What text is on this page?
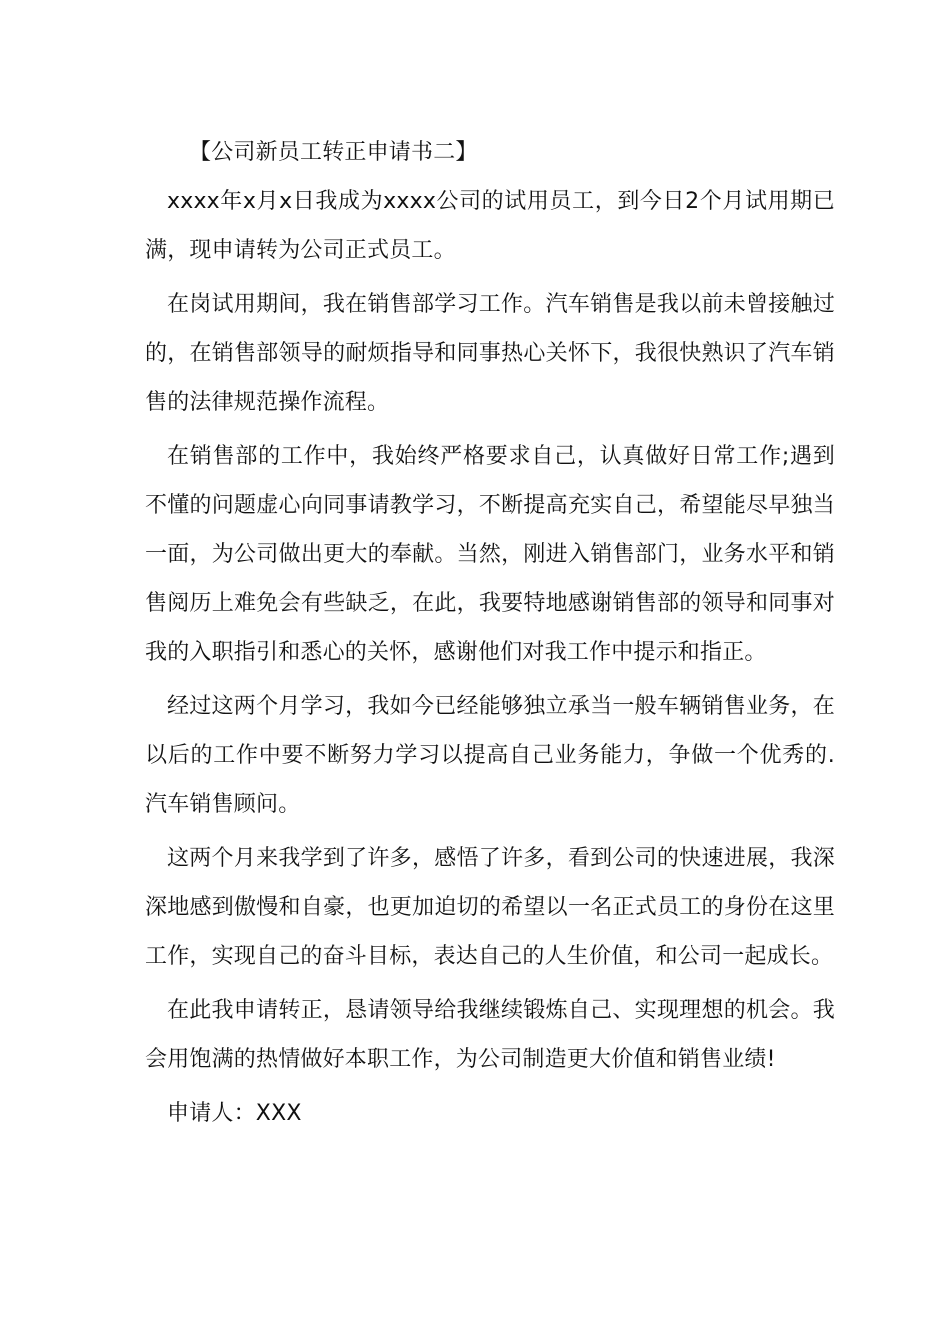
【公司新员工转正申请书二】

xxxx年x月x日我成为xxxx公司的试用员工，到今日2个月试用期已满，现申请转为公司正式员工。

在岗试用期间，我在销售部学习工作。汽车销售是我以前未曾接触过的，在销售部领导的耐烦指导和同事热心关怀下，我很快熟识了汽车销售的法律规范操作流程。

在销售部的工作中，我始终严格要求自己，认真做好日常工作;遇到不懂的问题虚心向同事请教学习，不断提高充实自己，希望能尽早独当一面，为公司做出更大的奉献。当然，刚进入销售部门，业务水平和销售阅历上难免会有些缺乏，在此，我要特地感谢销售部的领导和同事对我的入职指引和悉心的关怀，感谢他们对我工作中提示和指正。

经过这两个月学习，我如今已经能够独立承当一般车辆销售业务，在以后的工作中要不断努力学习以提高自己业务能力，争做一个优秀的.汽车销售顾问。

这两个月来我学到了许多，感悟了许多，看到公司的快速进展，我深深地感到傲慢和自豪，也更加迫切的希望以一名正式员工的身份在这里工作，实现自己的奋斗目标，表达自己的人生价值，和公司一起成长。

在此我申请转正，恳请领导给我继续锻炼自己、实现理想的机会。我会用饱满的热情做好本职工作，为公司制造更大价值和销售业绩!

申请人：XXX
